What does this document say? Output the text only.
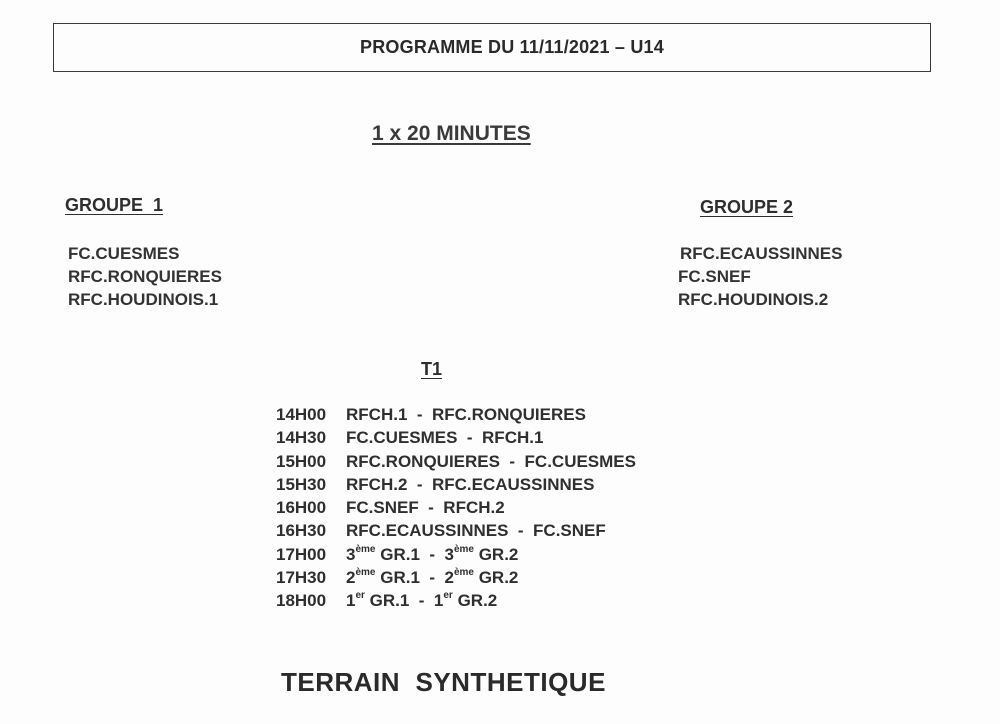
PROGRAMME DU 11/11/2021 – U14
1 x 20 MINUTES
GROUPE  1
FC.CUESMES
RFC.RONQUIERES
RFC.HOUDINOIS.1
GROUPE 2
RFC.ECAUSSINNES
FC.SNEF
RFC.HOUDINOIS.2
T1
14H00 RFCH.1  -  RFC.RONQUIERES
14H30 FC.CUESMES  -  RFCH.1
15H00 RFC.RONQUIERES  -  FC.CUESMES
15H30 RFCH.2  -  RFC.ECAUSSINNES
16H00 FC.SNEF  -  RFCH.2
16H30 RFC.ECAUSSINNES  -  FC.SNEF
17H00 3ème GR.1  -  3ème GR.2
17H30 2ème GR.1  -  2ème GR.2
18H00 1er GR.1  -  1er GR.2
TERRAIN  SYNTHETIQUE
